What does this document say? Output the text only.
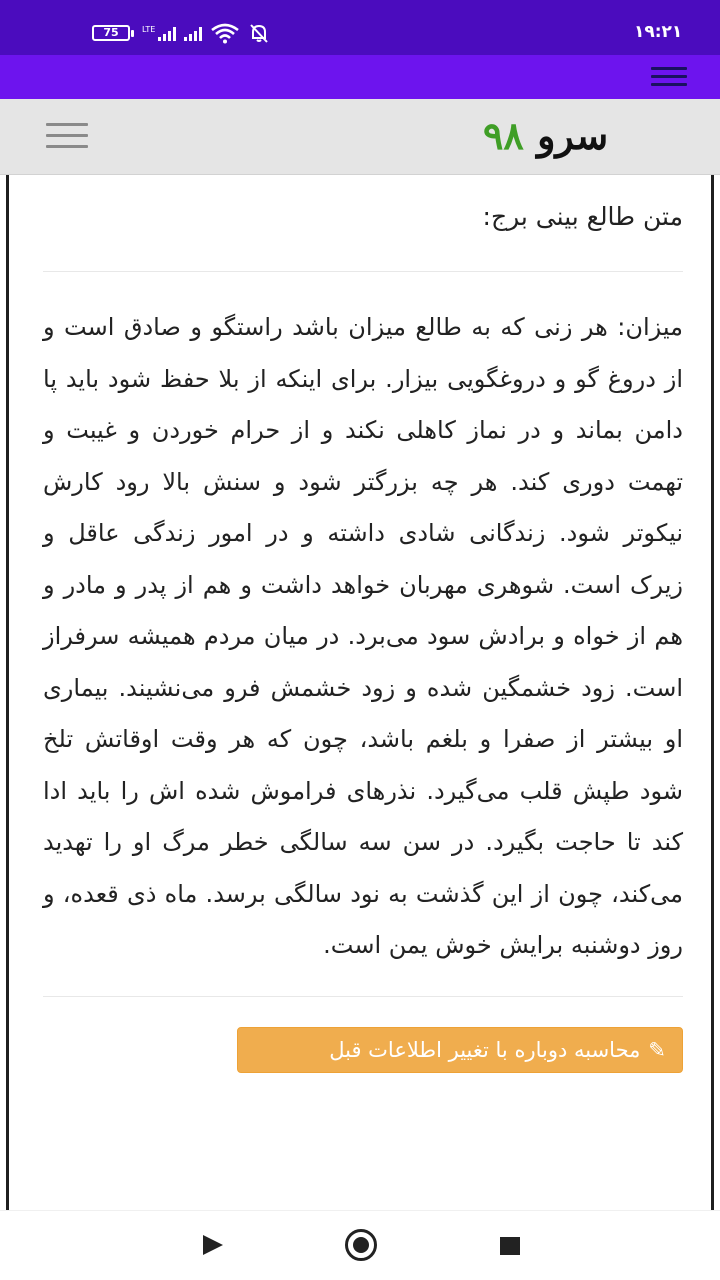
75	LTE	۱۹:۲۱
سرو ۹۸
متن طالع بینی برج:

میزان: هر زنی که به طالع میزان باشد راستگو و صادق است و از دروغ گو و دروغگویی بیزار. برای اینکه از بلا حفظ شود باید پا دامن بماند و در نماز کاهلی نکند و از حرام خوردن و غیبت و تهمت دوری کند. هر چه بزرگتر شود و سنش بالا رود کارش نیکوتر شود. زندگانی شادی داشته و در امور زندگی عاقل و زیرک است. شوهری مهربان خواهد داشت و هم از پدر و مادر و هم از خواه و برادش سود می‌برد. در میان مردم همیشه سرفراز است. زود خشمگین شده و زود خشمش فرو می‌نشیند. بیماری او بیشتر از صفرا و بلغم باشد، چون که هر وقت اوقاتش تلخ شود طپش قلب می‌گیرد. نذرهای فراموش شده اش را باید ادا کند تا حاجت بگیرد. در سن سه سالگی خطر مرگ او را تهدید می‌کند، چون از این گذشت به نود سالگی برسد. ماه ذی قعده، و روز دوشنبه برایش خوش یمن است.

✎محاسبه دوباره با تغییر اطلاعات قبل
